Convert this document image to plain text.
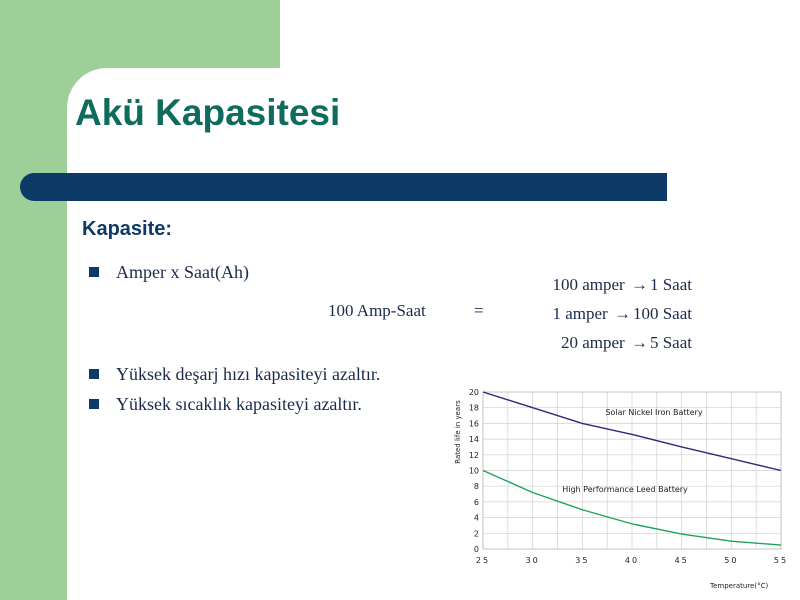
Akü Kapasitesi
Kapasite:
Amper x Saat(Ah)
Yüksek deşarj hızı kapasiteyi azaltır.
Yüksek sıcaklık kapasiteyi azaltır.
100 Amp-Saat	=
100 amper → 1 Saat
1 amper → 100 Saat
20 amper → 5 Saat
0
2
4
6
8
10
12
14
16
18
20
25	30	35	40	45	50	55
Rated life in years
Temperature(°C)
Solar Nickel Iron Battery
High Performance Leed Battery
